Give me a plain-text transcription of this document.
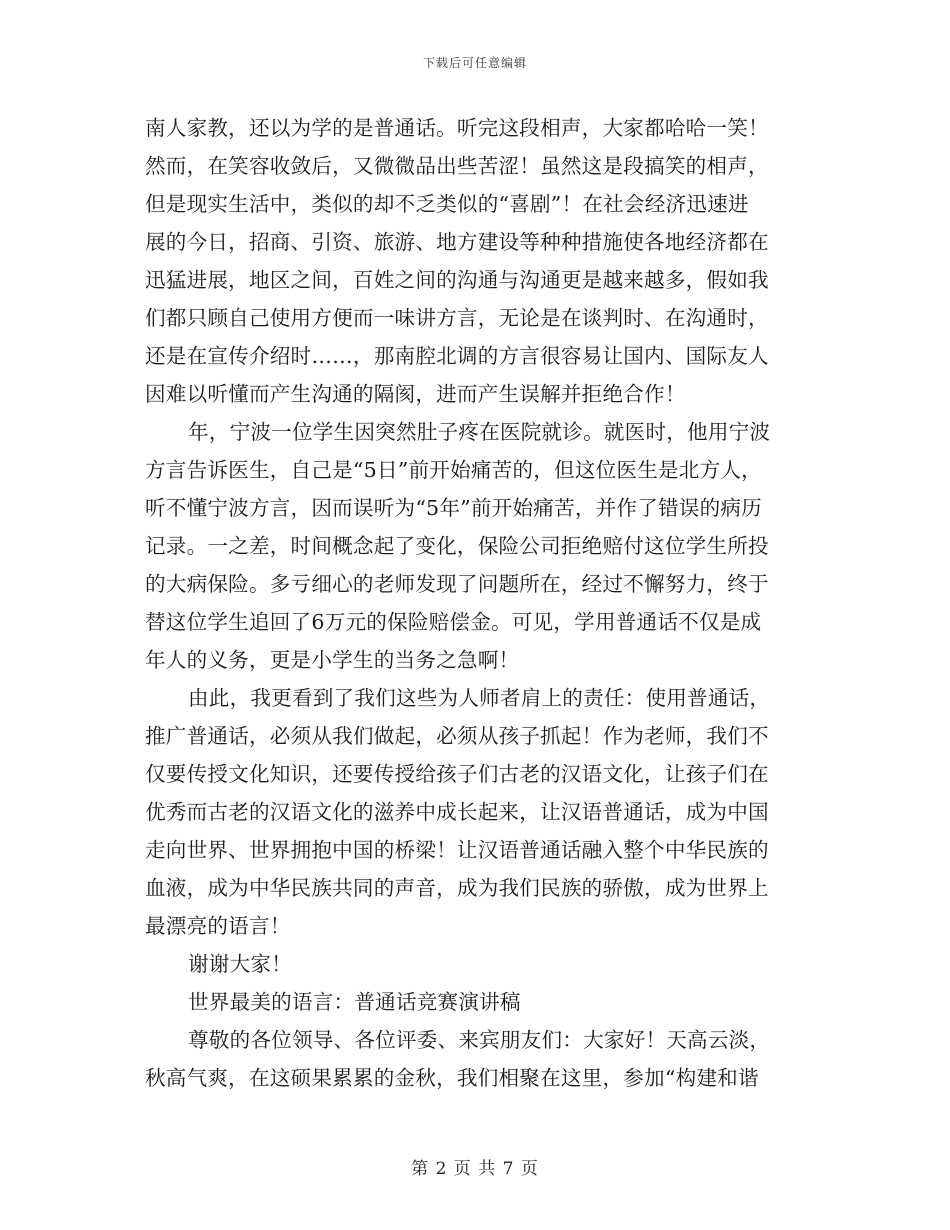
下载后可任意编辑
南人家教，还以为学的是普通话。听完这段相声，大家都哈哈一笑！
然而，在笑容收敛后，又微微品出些苦涩！虽然这是段搞笑的相声，
但是现实生活中，类似的却不乏类似的“喜剧”！在社会经济迅速进
展的今日，招商、引资、旅游、地方建设等种种措施使各地经济都在
迅猛进展，地区之间，百姓之间的沟通与沟通更是越来越多，假如我
们都只顾自己使用方便而一味讲方言，无论是在谈判时、在沟通时，
还是在宣传介绍时……，那南腔北调的方言很容易让国内、国际友人
因难以听懂而产生沟通的隔阂，进而产生误解并拒绝合作！
年，宁波一位学生因突然肚子疼在医院就诊。就医时，他用宁波
方言告诉医生，自己是“5日”前开始痛苦的，但这位医生是北方人，
听不懂宁波方言，因而误听为“5年”前开始痛苦，并作了错误的病历
记录。一之差，时间概念起了变化，保险公司拒绝赔付这位学生所投
的大病保险。多亏细心的老师发现了问题所在，经过不懈努力，终于
替这位学生追回了6万元的保险赔偿金。可见，学用普通话不仅是成
年人的义务，更是小学生的当务之急啊！
由此，我更看到了我们这些为人师者肩上的责任：使用普通话，
推广普通话，必须从我们做起，必须从孩子抓起！作为老师，我们不
仅要传授文化知识，还要传授给孩子们古老的汉语文化，让孩子们在
优秀而古老的汉语文化的滋养中成长起来，让汉语普通话，成为中国
走向世界、世界拥抱中国的桥梁！让汉语普通话融入整个中华民族的
血液，成为中华民族共同的声音，成为我们民族的骄傲，成为世界上
最漂亮的语言！
谢谢大家！
世界最美的语言：普通话竞赛演讲稿
尊敬的各位领导、各位评委、来宾朋友们：大家好！天高云淡，
秋高气爽，在这硕果累累的金秋，我们相聚在这里，参加“构建和谐
第 2 页 共 7 页
